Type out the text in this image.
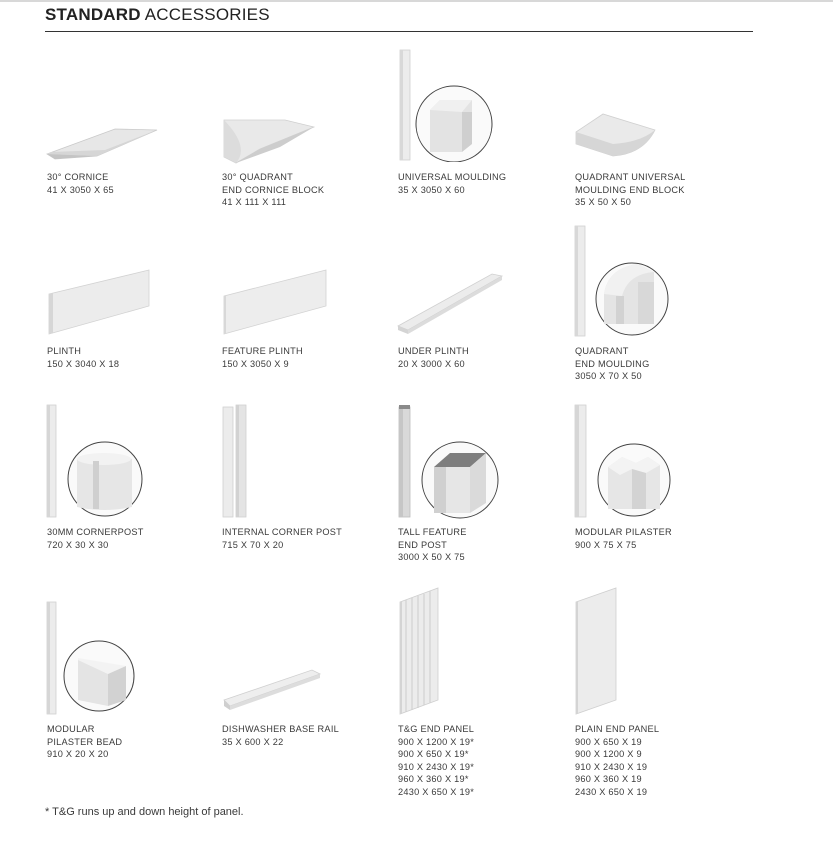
STANDARD ACCESSORIES
30° CORNICE
41 X 3050 X 65
30° QUADRANT
END CORNICE BLOCK
41 X 111 X 111
UNIVERSAL MOULDING
35 X 3050 X 60
QUADRANT UNIVERSAL
MOULDING END BLOCK
35 X 50 X 50
PLINTH
150 X 3040 X 18
FEATURE PLINTH
150 X 3050 X 9
UNDER PLINTH
20 X 3000 X 60
QUADRANT
END MOULDING
3050 X 70 X 50
30MM CORNERPOST
720 X 30 X 30
INTERNAL CORNER POST
715 X 70 X 20
TALL FEATURE
END POST
3000 X 50 X 75
MODULAR PILASTER
900 X 75 X 75
MODULAR
PILASTER BEAD
910 X 20 X 20
DISHWASHER BASE RAIL
35 X 600 X 22
T&G END PANEL
900 X 1200 X 19*
900 X 650 X 19*
910 X 2430 X 19*
960 X 360 X 19*
2430 X 650 X 19*
PLAIN END PANEL
900 X 650 X 19
900 X 1200 X 9
910 X 2430 X 19
960 X 360 X 19
2430 X 650 X 19
* T&G runs up and down height of panel.
